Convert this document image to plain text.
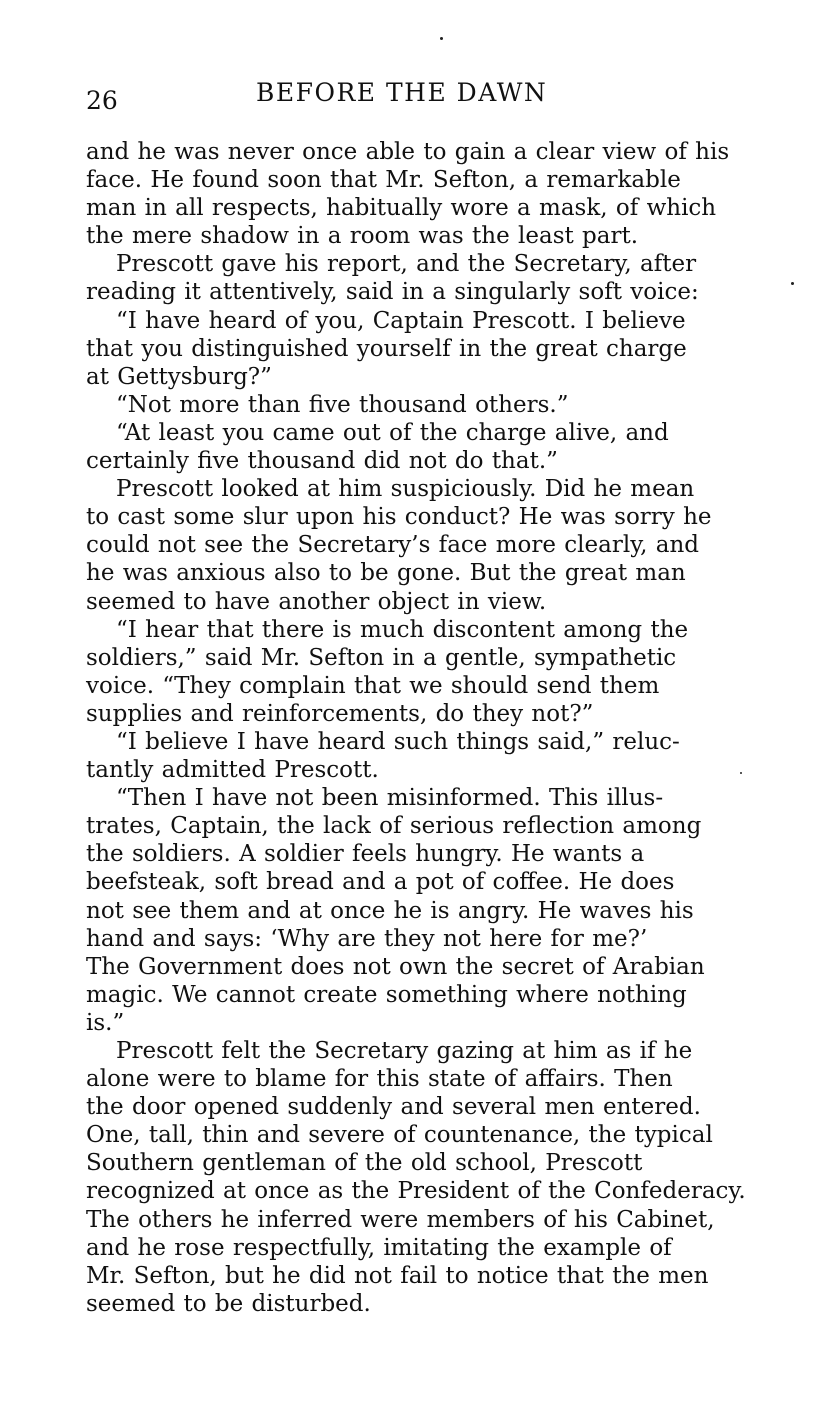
26	BEFORE THE DAWN

and he was never once able to gain a clear view of his
face. He found soon that Mr. Sefton, a remarkable
man in all respects, habitually wore a mask, of which
the mere shadow in a room was the least part.

Prescott gave his report, and the Secretary, after
reading it attentively, said in a singularly soft voice:

“I have heard of you, Captain Prescott. I believe
that you distinguished yourself in the great charge
at Gettysburg?”

“Not more than five thousand others.”

“At least you came out of the charge alive, and
certainly five thousand did not do that.”

Prescott looked at him suspiciously. Did he mean
to cast some slur upon his conduct? He was sorry he
could not see the Secretary’s face more clearly, and
he was anxious also to be gone. But the great man
seemed to have another object in view.

“I hear that there is much discontent among the
soldiers,” said Mr. Sefton in a gentle, sympathetic
voice. “They complain that we should send them
supplies and reinforcements, do they not?”

“I believe I have heard such things said,” reluc-
tantly admitted Prescott.

“Then I have not been misinformed. This illus-
trates, Captain, the lack of serious reflection among
the soldiers. A soldier feels hungry. He wants a
beefsteak, soft bread and a pot of coffee. He does
not see them and at once he is angry. He waves his
hand and says: ‘Why are they not here for me?’
The Government does not own the secret of Arabian
magic. We cannot create something where nothing
is.”

Prescott felt the Secretary gazing at him as if he
alone were to blame for this state of affairs. Then
the door opened suddenly and several men entered.
One, tall, thin and severe of countenance, the typical
Southern gentleman of the old school, Prescott
recognized at once as the President of the Confederacy.
The others he inferred were members of his Cabinet,
and he rose respectfully, imitating the example of
Mr. Sefton, but he did not fail to notice that the men
seemed to be disturbed.
